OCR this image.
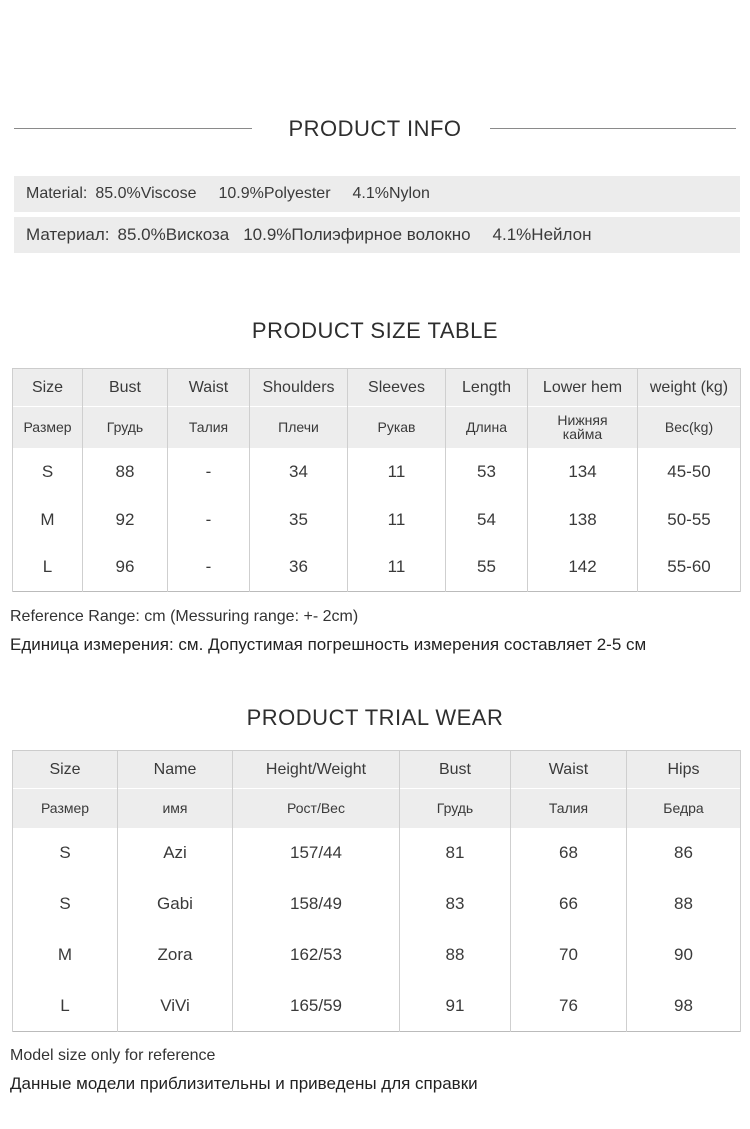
PRODUCT INFO
Material: 85.0%Viscose 10.9%Polyester 4.1%Nylon
Материал: 85.0%Вискоза 10.9%Полиэфирное волокно 4.1%Нейлон
PRODUCT SIZE TABLE
Size	Bust	Waist	Shoulders	Sleeves	Length	Lower hem	weight (kg)
Размер	Грудь	Талия	Плечи	Рукав	Длина	Нижняя кайма	Вес(kg)
S	88	-	34	11	53	134	45-50
M	92	-	35	11	54	138	50-55
L	96	-	36	11	55	142	55-60
Reference Range: cm (Messuring range: +- 2cm)
Единица измерения: см. Допустимая погрешность измерения составляет 2-5 см
PRODUCT TRIAL WEAR
Size	Name	Height/Weight	Bust	Waist	Hips
Размер	имя	Рост/Вес	Грудь	Талия	Бедра
S	Azi	157/44	81	68	86
S	Gabi	158/49	83	66	88
M	Zora	162/53	88	70	90
L	ViVi	165/59	91	76	98
Model size only for reference
Данные модели приблизительны и приведены для справки
